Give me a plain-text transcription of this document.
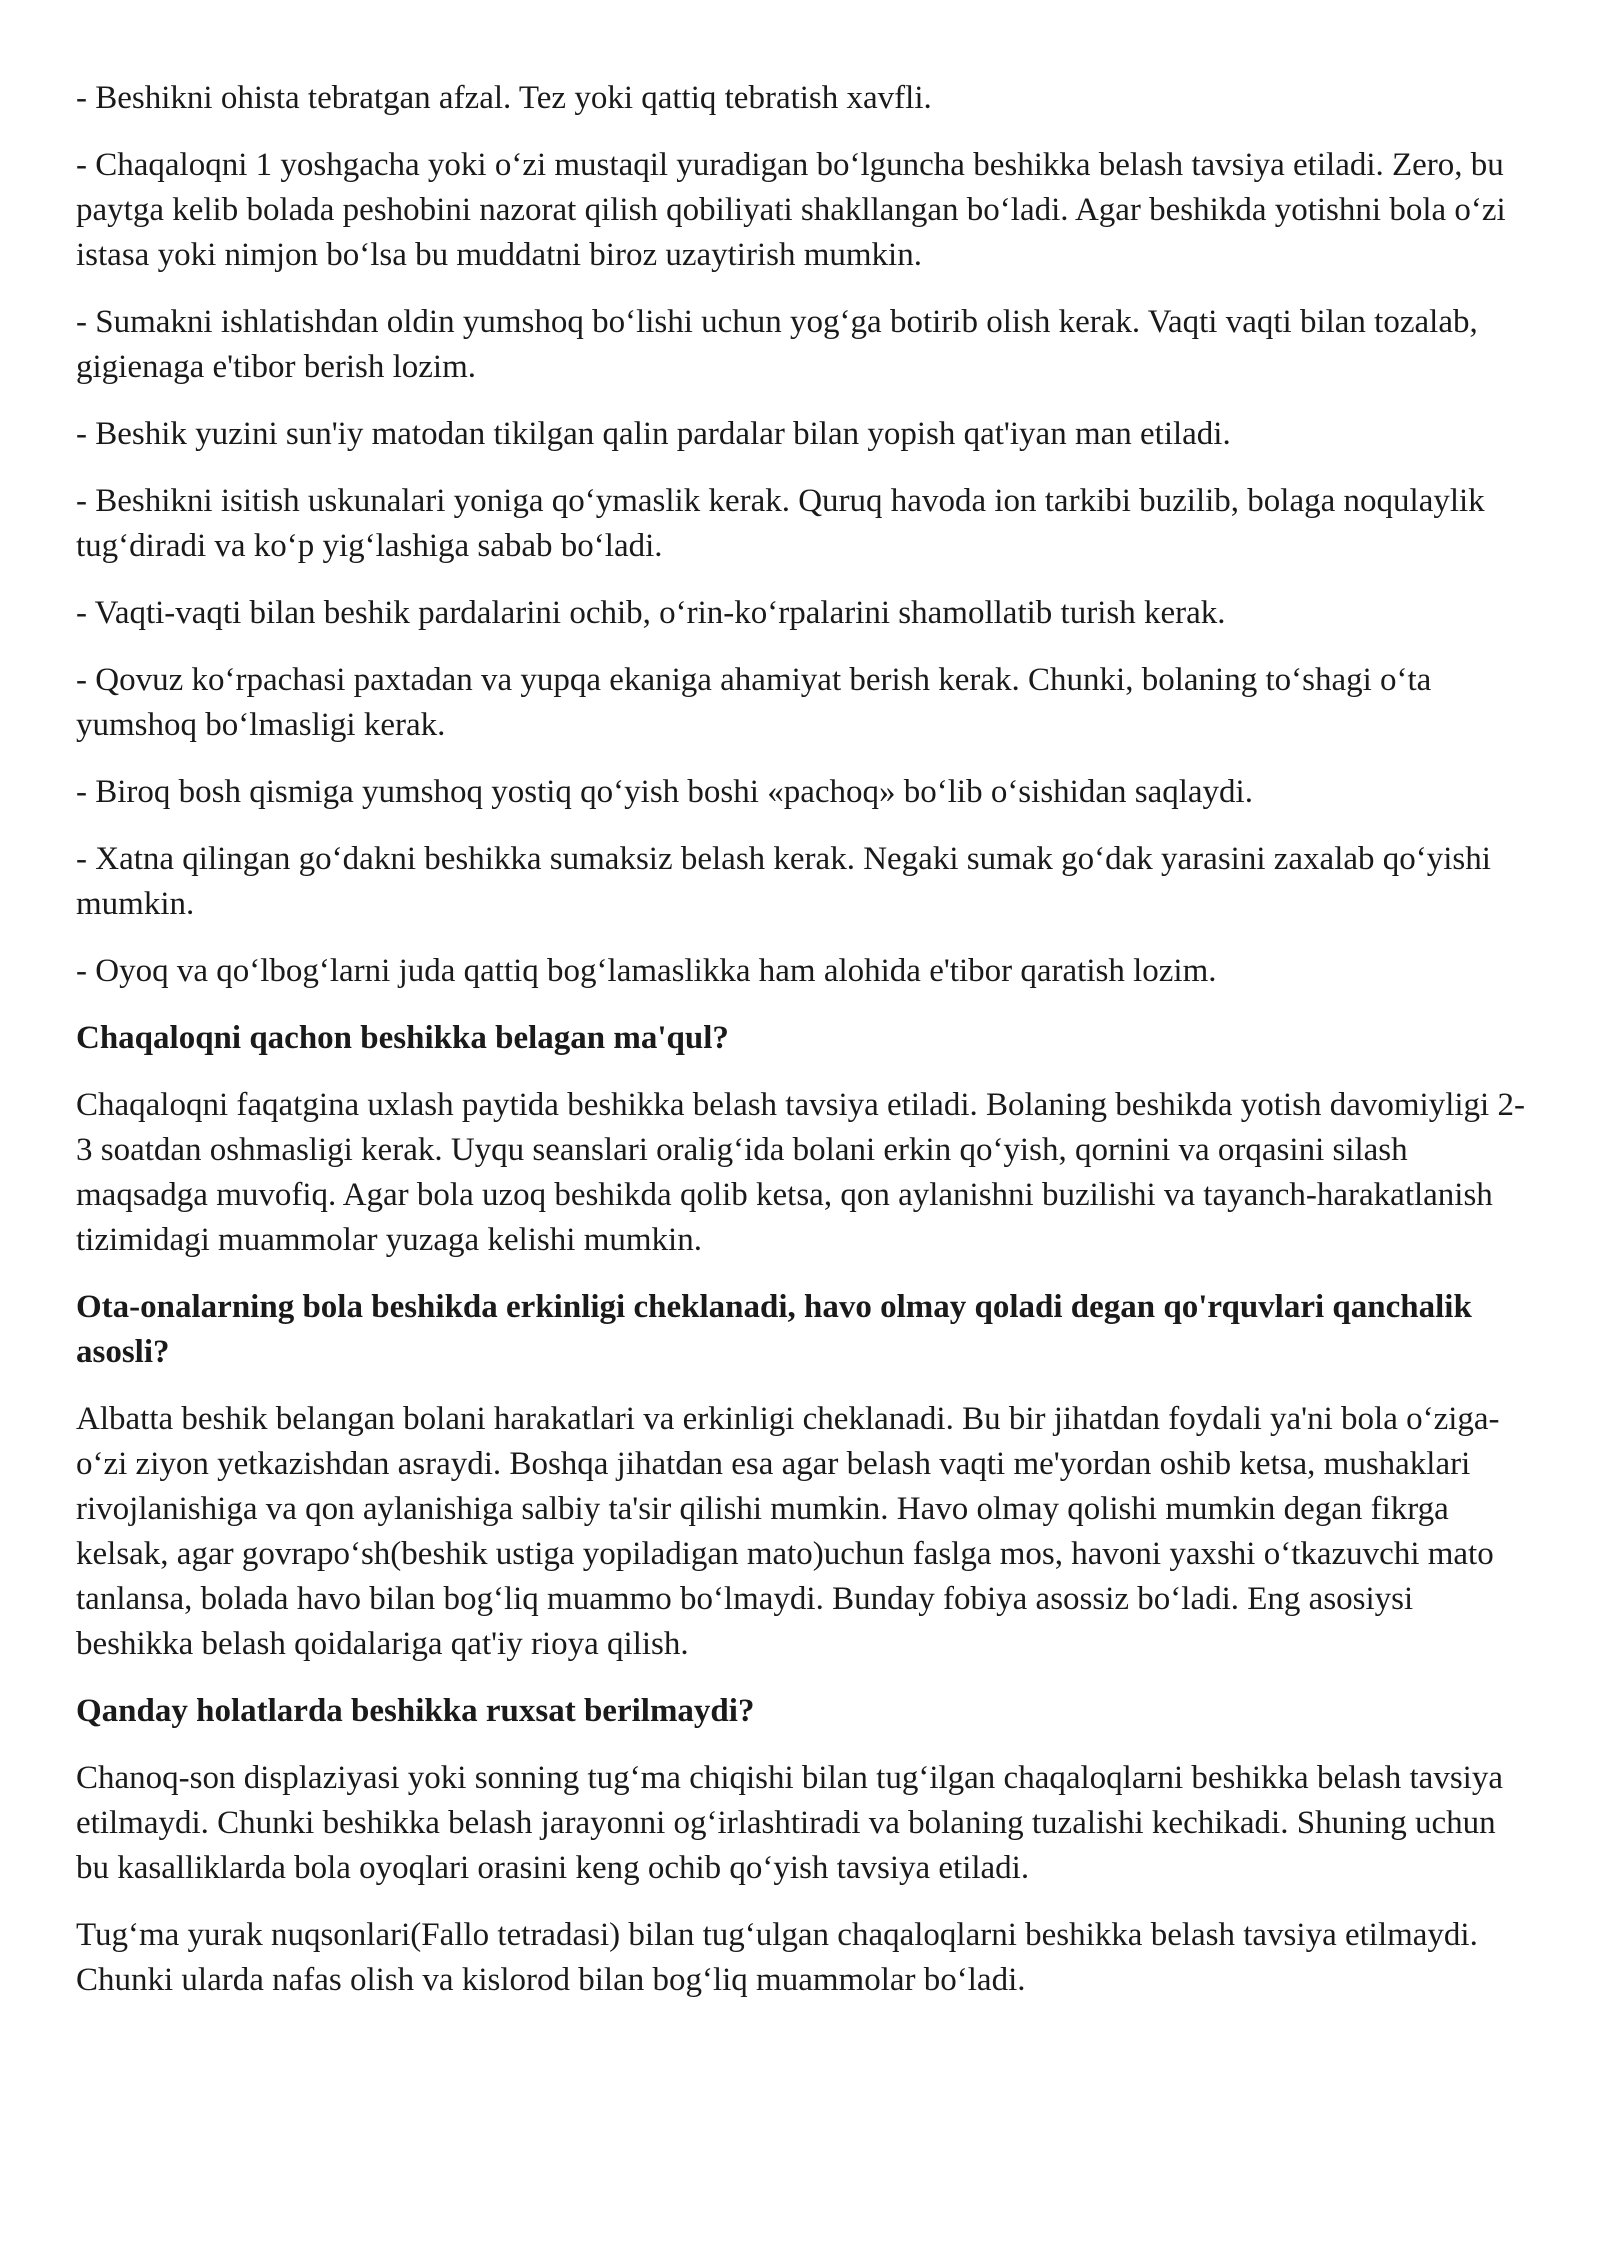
- Beshikni ohista tebratgan afzal. Tez yoki qattiq tebratish xavfli.

- Chaqaloqni 1 yoshgacha yoki o‘zi mustaqil yuradigan bo‘lguncha beshikka belash tavsiya etiladi. Zero, bu paytga kelib bolada peshobini nazorat qilish qobiliyati shakllangan bo‘ladi. Agar beshikda yotishni bola o‘zi istasa yoki nimjon bo‘lsa bu muddatni biroz uzaytirish mumkin.

- Sumakni ishlatishdan oldin yumshoq bo‘lishi uchun yog‘ga botirib olish kerak. Vaqti vaqti bilan tozalab, gigienaga e'tibor berish lozim.

- Beshik yuzini sun'iy matodan tikilgan qalin pardalar bilan yopish qat'iyan man etiladi.

- Beshikni isitish uskunalari yoniga qo‘ymaslik kerak. Quruq havoda ion tarkibi buzilib, bolaga noqulaylik tug‘diradi va ko‘p yig‘lashiga sabab bo‘ladi.

- Vaqti-vaqti bilan beshik pardalarini ochib, o‘rin-ko‘rpalarini shamollatib turish kerak.

- Qovuz ko‘rpachasi paxtadan va yupqa ekaniga ahamiyat berish kerak. Chunki, bolaning to‘shagi o‘ta yumshoq bo‘lmasligi kerak.

- Biroq bosh qismiga yumshoq yostiq qo‘yish boshi «pachoq» bo‘lib o‘sishidan saqlaydi.

- Xatna qilingan go‘dakni beshikka sumaksiz belash kerak. Negaki sumak go‘dak yarasini zaxalab qo‘yishi mumkin.

- Oyoq va qo‘lbog‘larni juda qattiq bog‘lamaslikka ham alohida e'tibor qaratish lozim.

Chaqaloqni qachon beshikka belagan ma'qul?

Chaqaloqni faqatgina uxlash paytida beshikka belash tavsiya etiladi. Bolaning beshikda yotish davomiyligi 2-3 soatdan oshmasligi kerak. Uyqu seanslari oralig‘ida bolani erkin qo‘yish, qornini va orqasini silash maqsadga muvofiq. Agar bola uzoq beshikda qolib ketsa, qon aylanishni buzilishi va tayanch-harakatlanish tizimidagi muammolar yuzaga kelishi mumkin.

Ota-onalarning bola beshikda erkinligi cheklanadi, havo olmay qoladi degan qo'rquvlari qanchalik asosli?

Albatta beshik belangan bolani harakatlari va erkinligi cheklanadi. Bu bir jihatdan foydali ya'ni bola o‘ziga-o‘zi ziyon yetkazishdan asraydi. Boshqa jihatdan esa agar belash vaqti me'yordan oshib ketsa, mushaklari rivojlanishiga va qon aylanishiga salbiy ta'sir qilishi mumkin. Havo olmay qolishi mumkin degan fikrga kelsak, agar govrapo‘sh(beshik ustiga yopiladigan mato)uchun faslga mos, havoni yaxshi o‘tkazuvchi mato tanlansa, bolada havo bilan bog‘liq muammo bo‘lmaydi. Bunday fobiya asossiz bo‘ladi. Eng asosiysi beshikka belash qoidalariga qat'iy rioya qilish.

Qanday holatlarda beshikka ruxsat berilmaydi?

Chanoq-son displaziyasi yoki sonning tug‘ma chiqishi bilan tug‘ilgan chaqaloqlarni beshikka belash tavsiya etilmaydi. Chunki beshikka belash jarayonni og‘irlashtiradi va bolaning tuzalishi kechikadi. Shuning uchun bu kasalliklarda bola oyoqlari orasini keng ochib qo‘yish tavsiya etiladi.

Tug‘ma yurak nuqsonlari(Fallo tetradasi) bilan tug‘ulgan chaqaloqlarni beshikka belash tavsiya etilmaydi. Chunki ularda nafas olish va kislorod bilan bog‘liq muammolar bo‘ladi.
